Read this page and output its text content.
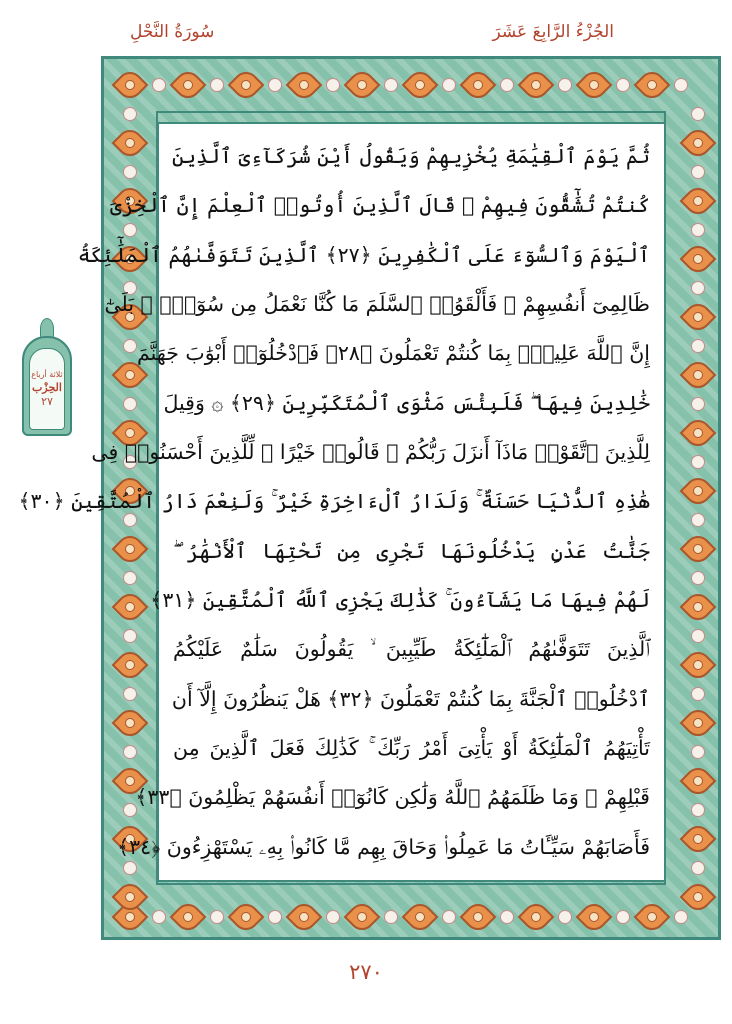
سُورَةُ النَّحْلِ	الجُزْءُ الرَّابِعَ عَشَرَ
ثُمَّ يَوْمَ ٱلْقِيَٰمَةِ يُخْزِيهِمْ وَيَقُولُ أَيْنَ شُرَكَآءِىَ ٱلَّذِينَ
كُنتُمْ تُشَٰٓقُّونَ فِيهِمْ ۚ قَالَ ٱلَّذِينَ أُوتُوا۟ ٱلْعِلْمَ إِنَّ ٱلْخِزْىَ
ٱلْيَوْمَ وَٱلسُّوٓءَ عَلَى ٱلْكَٰفِرِينَ ﴿٢٧﴾ ٱلَّذِينَ تَتَوَفَّىٰهُمُ ٱلْمَلَٰٓئِكَةُ
ظَالِمِىٓ أَنفُسِهِمْ ۖ فَأَلْقَوُا۟ ٱلسَّلَمَ مَا كُنَّا نَعْمَلُ مِن سُوٓءٍۭ ۚ بَلَىٰٓ
إِنَّ ٱللَّهَ عَلِيمٌۢ بِمَا كُنتُمْ تَعْمَلُونَ ﴿٢٨﴾ فَٱدْخُلُوٓا۟ أَبْوَٰبَ جَهَنَّمَ
خَٰلِدِينَ فِيهَا ۖ فَلَبِئْسَ مَثْوَى ٱلْمُتَكَبِّرِينَ ﴿٢٩﴾ ۞ وَقِيلَ
لِلَّذِينَ ٱتَّقَوْا۟ مَاذَآ أَنزَلَ رَبُّكُمْ ۚ قَالُوا۟ خَيْرًا ۗ لِّلَّذِينَ أَحْسَنُوا۟ فِى
هَٰذِهِ ٱلدُّنْيَا حَسَنَةٌ ۚ وَلَدَارُ ٱلْءَاخِرَةِ خَيْرٌ ۚ وَلَنِعْمَ دَارُ ٱلْمُتَّقِينَ ﴿٣٠﴾
جَنَّٰتُ عَدْنٍ يَدْخُلُونَهَا تَجْرِى مِن تَحْتِهَا ٱلْأَنْهَٰرُ ۖ
لَهُمْ فِيهَا مَا يَشَآءُونَ ۚ كَذَٰلِكَ يَجْزِى ٱللَّهُ ٱلْمُتَّقِينَ ﴿٣١﴾
ٱلَّذِينَ تَتَوَفَّىٰهُمُ ٱلْمَلَٰٓئِكَةُ طَيِّبِينَ ۙ يَقُولُونَ سَلَٰمٌ عَلَيْكُمُ
ٱدْخُلُوا۟ ٱلْجَنَّةَ بِمَا كُنتُمْ تَعْمَلُونَ ﴿٣٢﴾ هَلْ يَنظُرُونَ إِلَّآ أَن
تَأْتِيَهُمُ ٱلْمَلَٰٓئِكَةُ أَوْ يَأْتِىَ أَمْرُ رَبِّكَ ۚ كَذَٰلِكَ فَعَلَ ٱلَّذِينَ مِن
قَبْلِهِمْ ۚ وَمَا ظَلَمَهُمُ ٱللَّهُ وَلَٰكِن كَانُوٓا۟ أَنفُسَهُمْ يَظْلِمُونَ ﴿٣٣﴾
فَأَصَابَهُمْ سَيِّـَٔاتُ مَا عَمِلُوا۟ وَحَاقَ بِهِم مَّا كَانُوا۟ بِهِۦ يَسْتَهْزِءُونَ ﴿٣٤﴾
ثلاثة أرباع
الحِزْب
٢٧
٢٧٠
